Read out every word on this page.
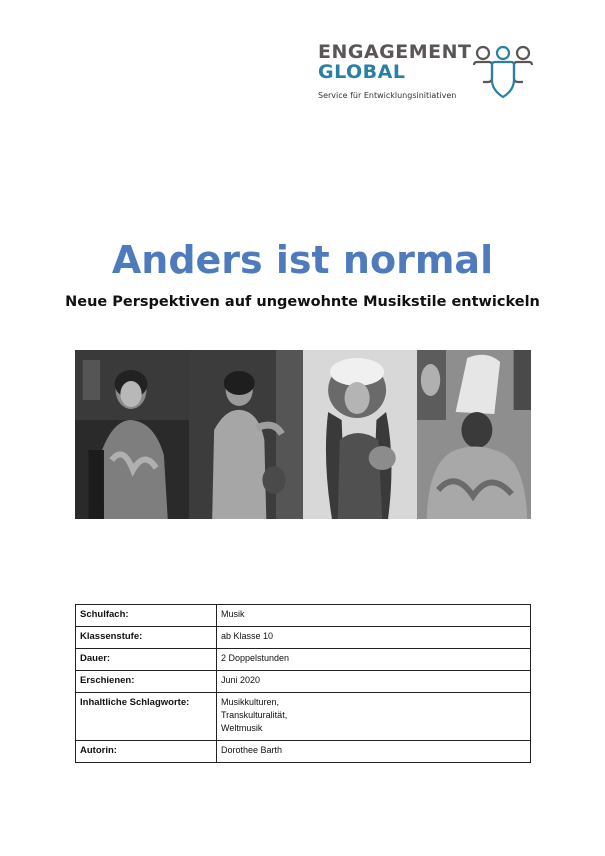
ENGAGEMENT
GLOBAL
Service für Entwicklungsinitiativen
Anders ist normal
Neue Perspektiven auf ungewohnte Musikstile entwickeln
Schulfach:	Musik

Klassenstufe:	ab Klasse 10

Dauer:	2 Doppelstunden

Erschienen:	Juni 2020

Inhaltliche Schlagworte:	Musikkulturen,
Transkulturalität,
Weltmusik

Autorin:	Dorothee Barth
